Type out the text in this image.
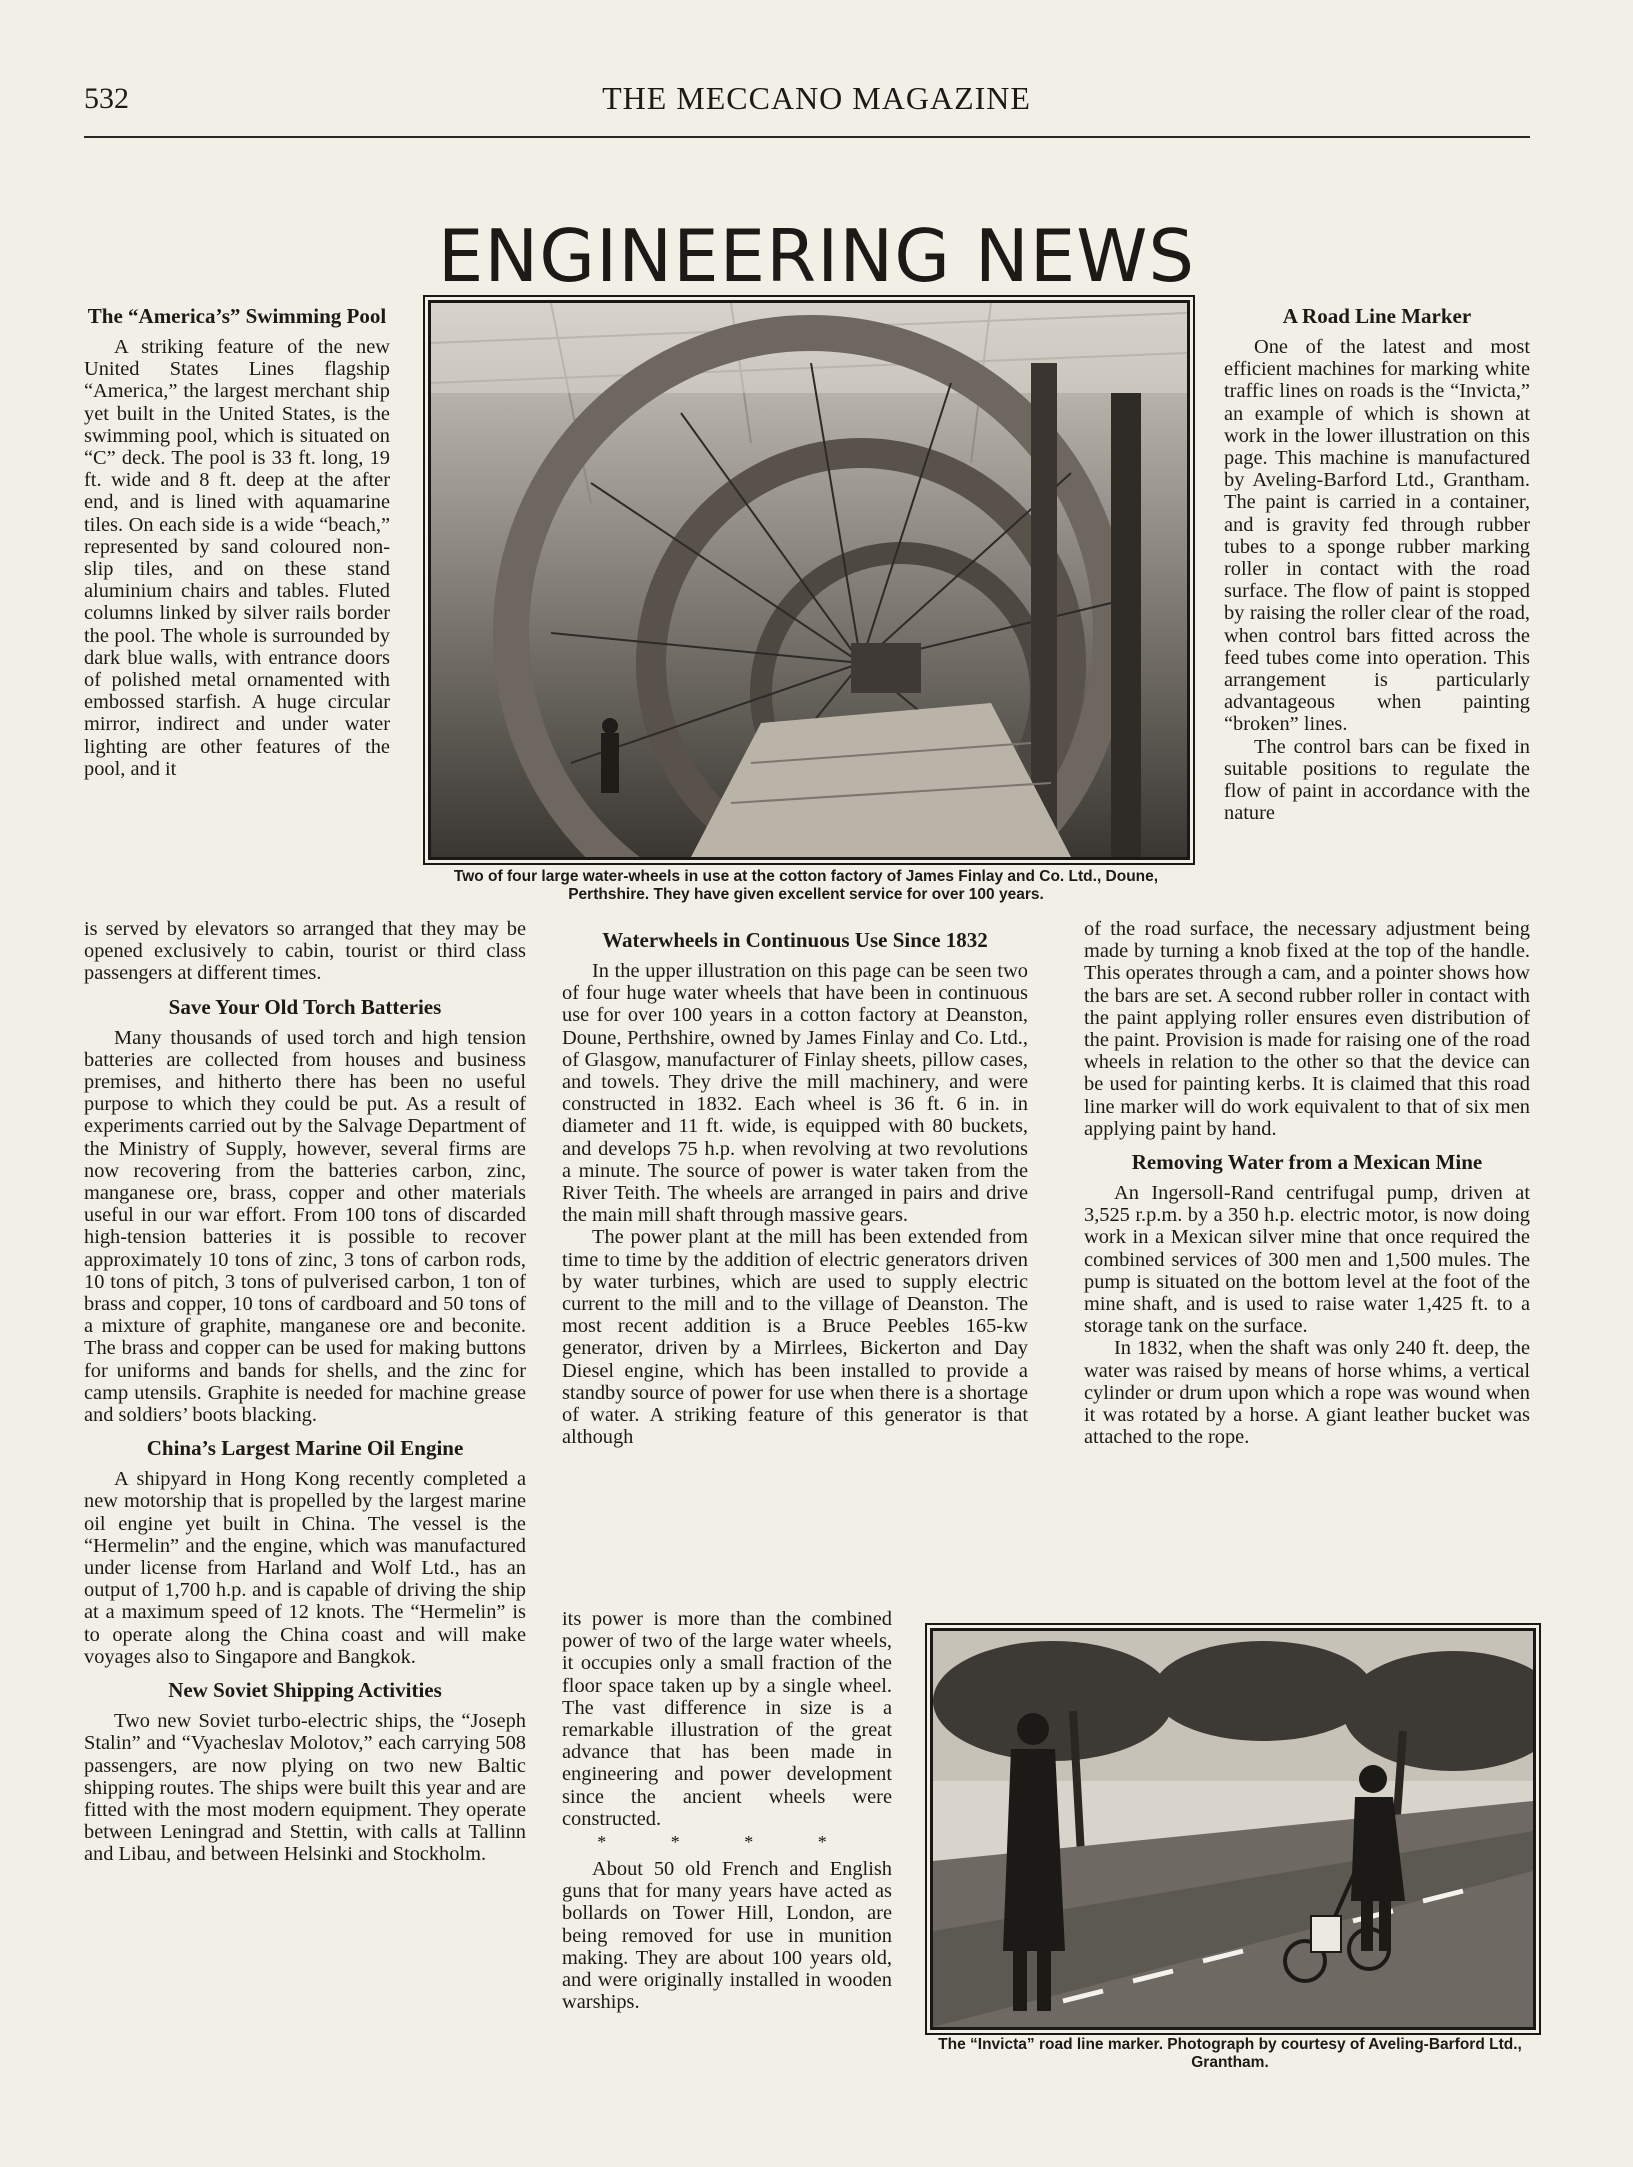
532	THE MECCANO MAGAZINE
ENGINEERING NEWS
The “America’s” Swimming Pool

A striking feature of the new United States Lines flagship “America,” the largest merchant ship yet built in the United States, is the swimming pool, which is situated on “C” deck. The pool is 33 ft. long, 19 ft. wide and 8 ft. deep at the after end, and is lined with aquamarine tiles. On each side is a wide “beach,” represented by sand coloured non-slip tiles, and on these stand aluminium chairs and tables. Fluted columns linked by silver rails border the pool. The whole is surrounded by dark blue walls, with entrance doors of polished metal ornamented with embossed starfish. A huge circular mirror, indirect and under water lighting are other features of the pool, and it

is served by elevators so arranged that they may be opened exclusively to cabin, tourist or third class passengers at different times.

Save Your Old Torch Batteries

Many thousands of used torch and high tension batteries are collected from houses and business premises, and hitherto there has been no useful purpose to which they could be put. As a result of experiments carried out by the Salvage Department of the Ministry of Supply, however, several firms are now recovering from the batteries carbon, zinc, manganese ore, brass, copper and other materials useful in our war effort. From 100 tons of discarded high-tension batteries it is possible to recover approximately 10 tons of zinc, 3 tons of carbon rods, 10 tons of pitch, 3 tons of pulverised carbon, 1 ton of brass and copper, 10 tons of cardboard and 50 tons of a mixture of graphite, manganese ore and beconite. The brass and copper can be used for making buttons for uniforms and bands for shells, and the zinc for camp utensils. Graphite is needed for machine grease and soldiers’ boots blacking.

China’s Largest Marine Oil Engine

A shipyard in Hong Kong recently completed a new motorship that is propelled by the largest marine oil engine yet built in China. The vessel is the “Hermelin” and the engine, which was manufactured under license from Harland and Wolf Ltd., has an output of 1,700 h.p. and is capable of driving the ship at a maximum speed of 12 knots. The “Hermelin” is to operate along the China coast and will make voyages also to Singapore and Bangkok.

New Soviet Shipping Activities

Two new Soviet turbo-electric ships, the “Joseph Stalin” and “Vyacheslav Molotov,” each carrying 508 passengers, are now plying on two new Baltic shipping routes. The ships were built this year and are fitted with the most modern equipment. They operate between Leningrad and Stettin, with calls at Tallinn and Libau, and between Helsinki and Stockholm.

Two of four large water-wheels in use at the cotton factory of James Finlay and Co. Ltd., Doune, Perthshire. They have given excellent service for over 100 years.
Waterwheels in Continuous Use Since 1832

In the upper illustration on this page can be seen two of four huge water wheels that have been in continuous use for over 100 years in a cotton factory at Deanston, Doune, Perthshire, owned by James Finlay and Co. Ltd., of Glasgow, manufacturer of Finlay sheets, pillow cases, and towels. They drive the mill machinery, and were constructed in 1832. Each wheel is 36 ft. 6 in. in diameter and 11 ft. wide, is equipped with 80 buckets, and develops 75 h.p. when revolving at two revolutions a minute. The source of power is water taken from the River Teith. The wheels are arranged in pairs and drive the main mill shaft through massive gears.

The power plant at the mill has been extended from time to time by the addition of electric generators driven by water turbines, which are used to supply electric current to the mill and to the village of Deanston. The most recent addition is a Bruce Peebles 165-kw generator, driven by a Mirrlees, Bickerton and Day Diesel engine, which has been installed to provide a standby source of power for use when there is a shortage of water. A striking feature of this generator is that although

its power is more than the combined power of two of the large water wheels, it occupies only a small fraction of the floor space taken up by a single wheel. The vast difference in size is a remarkable illustration of the great advance that has been made in engineering and power development since the ancient wheels were constructed.

* * * *

About 50 old French and English guns that for many years have acted as bollards on Tower Hill, London, are being removed for use in munition making. They are about 100 years old, and were originally installed in wooden warships.

A Road Line Marker

One of the latest and most efficient machines for marking white traffic lines on roads is the “Invicta,” an example of which is shown at work in the lower illustration on this page. This machine is manufactured by Aveling-Barford Ltd., Grantham. The paint is carried in a container, and is gravity fed through rubber tubes to a sponge rubber marking roller in contact with the road surface. The flow of paint is stopped by raising the roller clear of the road, when control bars fitted across the feed tubes come into operation. This arrangement is particularly advantageous when painting “broken” lines.

The control bars can be fixed in suitable positions to regulate the flow of paint in accordance with the nature

of the road surface, the necessary adjustment being made by turning a knob fixed at the top of the handle. This operates through a cam, and a pointer shows how the bars are set. A second rubber roller in contact with the paint applying roller ensures even distribution of the paint. Provision is made for raising one of the road wheels in relation to the other so that the device can be used for painting kerbs. It is claimed that this road line marker will do work equivalent to that of six men applying paint by hand.

Removing Water from a Mexican Mine

An Ingersoll-Rand centrifugal pump, driven at 3,525 r.p.m. by a 350 h.p. electric motor, is now doing work in a Mexican silver mine that once required the combined services of 300 men and 1,500 mules. The pump is situated on the bottom level at the foot of the mine shaft, and is used to raise water 1,425 ft. to a storage tank on the surface.

In 1832, when the shaft was only 240 ft. deep, the water was raised by means of horse whims, a vertical cylinder or drum upon which a rope was wound when it was rotated by a horse. A giant leather bucket was attached to the rope.

The “Invicta” road line marker. Photograph by courtesy of Aveling-Barford Ltd., Grantham.
